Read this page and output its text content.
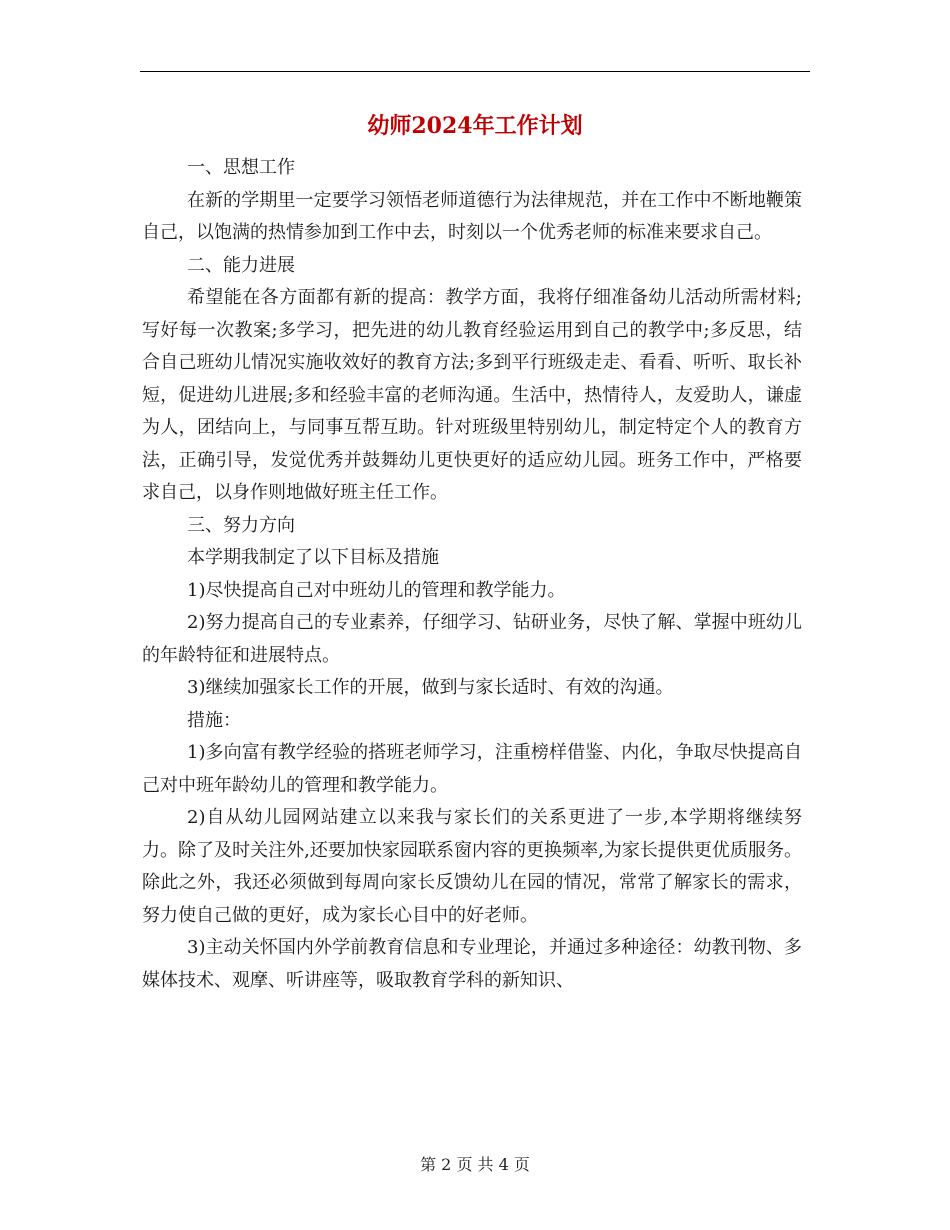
幼师2024年工作计划

一、思想工作

在新的学期里一定要学习领悟老师道德行为法律规范，并在工作中不断地鞭策自己，以饱满的热情参加到工作中去，时刻以一个优秀老师的标准来要求自己。

二、能力进展

希望能在各方面都有新的提高：教学方面，我将仔细准备幼儿活动所需材料;写好每一次教案;多学习，把先进的幼儿教育经验运用到自己的教学中;多反思，结合自己班幼儿情况实施收效好的教育方法;多到平行班级走走、看看、听听、取长补短，促进幼儿进展;多和经验丰富的老师沟通。生活中，热情待人，友爱助人，谦虚为人，团结向上，与同事互帮互助。针对班级里特别幼儿，制定特定个人的教育方法，正确引导，发觉优秀并鼓舞幼儿更快更好的适应幼儿园。班务工作中，严格要求自己，以身作则地做好班主任工作。

三、努力方向

本学期我制定了以下目标及措施

1)尽快提高自己对中班幼儿的管理和教学能力。

2)努力提高自己的专业素养，仔细学习、钻研业务，尽快了解、掌握中班幼儿的年龄特征和进展特点。

3)继续加强家长工作的开展，做到与家长适时、有效的沟通。

措施：

1)多向富有教学经验的搭班老师学习，注重榜样借鉴、内化，争取尽快提高自己对中班年龄幼儿的管理和教学能力。

2)自从幼儿园网站建立以来我与家长们的关系更进了一步,本学期将继续努力。除了及时关注外,还要加快家园联系窗内容的更换频率,为家长提供更优质服务。除此之外，我还必须做到每周向家长反馈幼儿在园的情况，常常了解家长的需求，努力使自己做的更好，成为家长心目中的好老师。

3)主动关怀国内外学前教育信息和专业理论，并通过多种途径：幼教刊物、多媒体技术、观摩、听讲座等，吸取教育学科的新知识、

第 2 页 共 4 页
